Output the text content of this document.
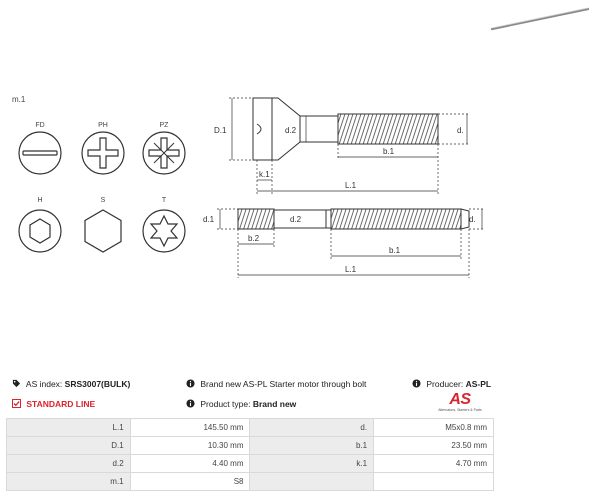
m.1
FD	PH	PZ
H	S	T
D.1	d.2	d.
b.1
k.1
L.1
d.1	d.2	d.
b.2
b.1
L.1
AS index: SRS3007(BULK)	Brand new AS-PL Starter motor through bolt	Producer: AS-PL
STANDARD LINE	Product type: Brand new	AS
Alternators, Starters & Parts
L.1	145.50 mm	d.	M5x0.8 mm
D.1	10.30 mm	b.1	23.50 mm
d.2	4.40 mm	k.1	4.70 mm
m.1	S8		
